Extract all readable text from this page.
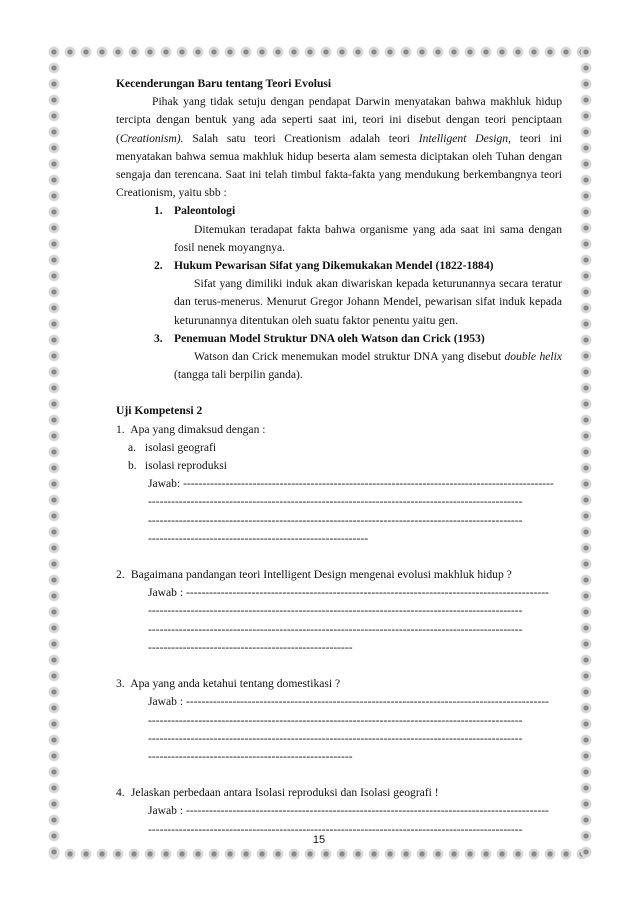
Kecenderungan Baru tentang Teori Evolusi

Pihak yang tidak setuju dengan pendapat Darwin menyatakan bahwa makhluk hidup tercipta dengan bentuk yang ada seperti saat ini, teori ini disebut dengan teori penciptaan (Creationism). Salah satu teori Creationism adalah teori Intelligent Design, teori ini menyatakan bahwa semua makhluk hidup beserta alam semesta diciptakan oleh Tuhan dengan sengaja dan terencana. Saat ini telah timbul fakta-fakta yang mendukung berkembangnya teori Creationism, yaitu sbb :

1. Paleontologi
Ditemukan teradapat fakta bahwa organisme yang ada saat ini sama dengan fosil nenek moyangnya.
2. Hukum Pewarisan Sifat yang Dikemukakan Mendel (1822-1884)
Sifat yang dimiliki induk akan diwariskan kepada keturunannya secara teratur dan terus-menerus. Menurut Gregor Johann Mendel, pewarisan sifat induk kepada keturunannya ditentukan oleh suatu faktor penentu yaitu gen.
3. Penemuan Model Struktur DNA oleh Watson dan Crick (1953)
Watson dan Crick menemukan model struktur DNA yang disebut double helix (tangga tali berpilin ganda).

Uji Kompetensi 2

1. Apa yang dimaksud dengan :
a. isolasi geografi
b. isolasi reproduksi
Jawab: ------------------------------------------------------------------------------------------------
-------------------------------------------------------------------------------------------------
-------------------------------------------------------------------------------------------------
---------------------------------------------------------
2. Bagaimana pandangan teori Intelligent Design mengenai evolusi makhluk hidup ?
Jawab : ----------------------------------------------------------------------------------------------
-------------------------------------------------------------------------------------------------
-------------------------------------------------------------------------------------------------
-----------------------------------------------------
3. Apa yang anda ketahui tentang domestikasi ?
Jawab : ----------------------------------------------------------------------------------------------
-------------------------------------------------------------------------------------------------
-------------------------------------------------------------------------------------------------
-----------------------------------------------------
4. Jelaskan perbedaan antara Isolasi reproduksi dan Isolasi geografi !
Jawab : ----------------------------------------------------------------------------------------------
-------------------------------------------------------------------------------------------------
15
